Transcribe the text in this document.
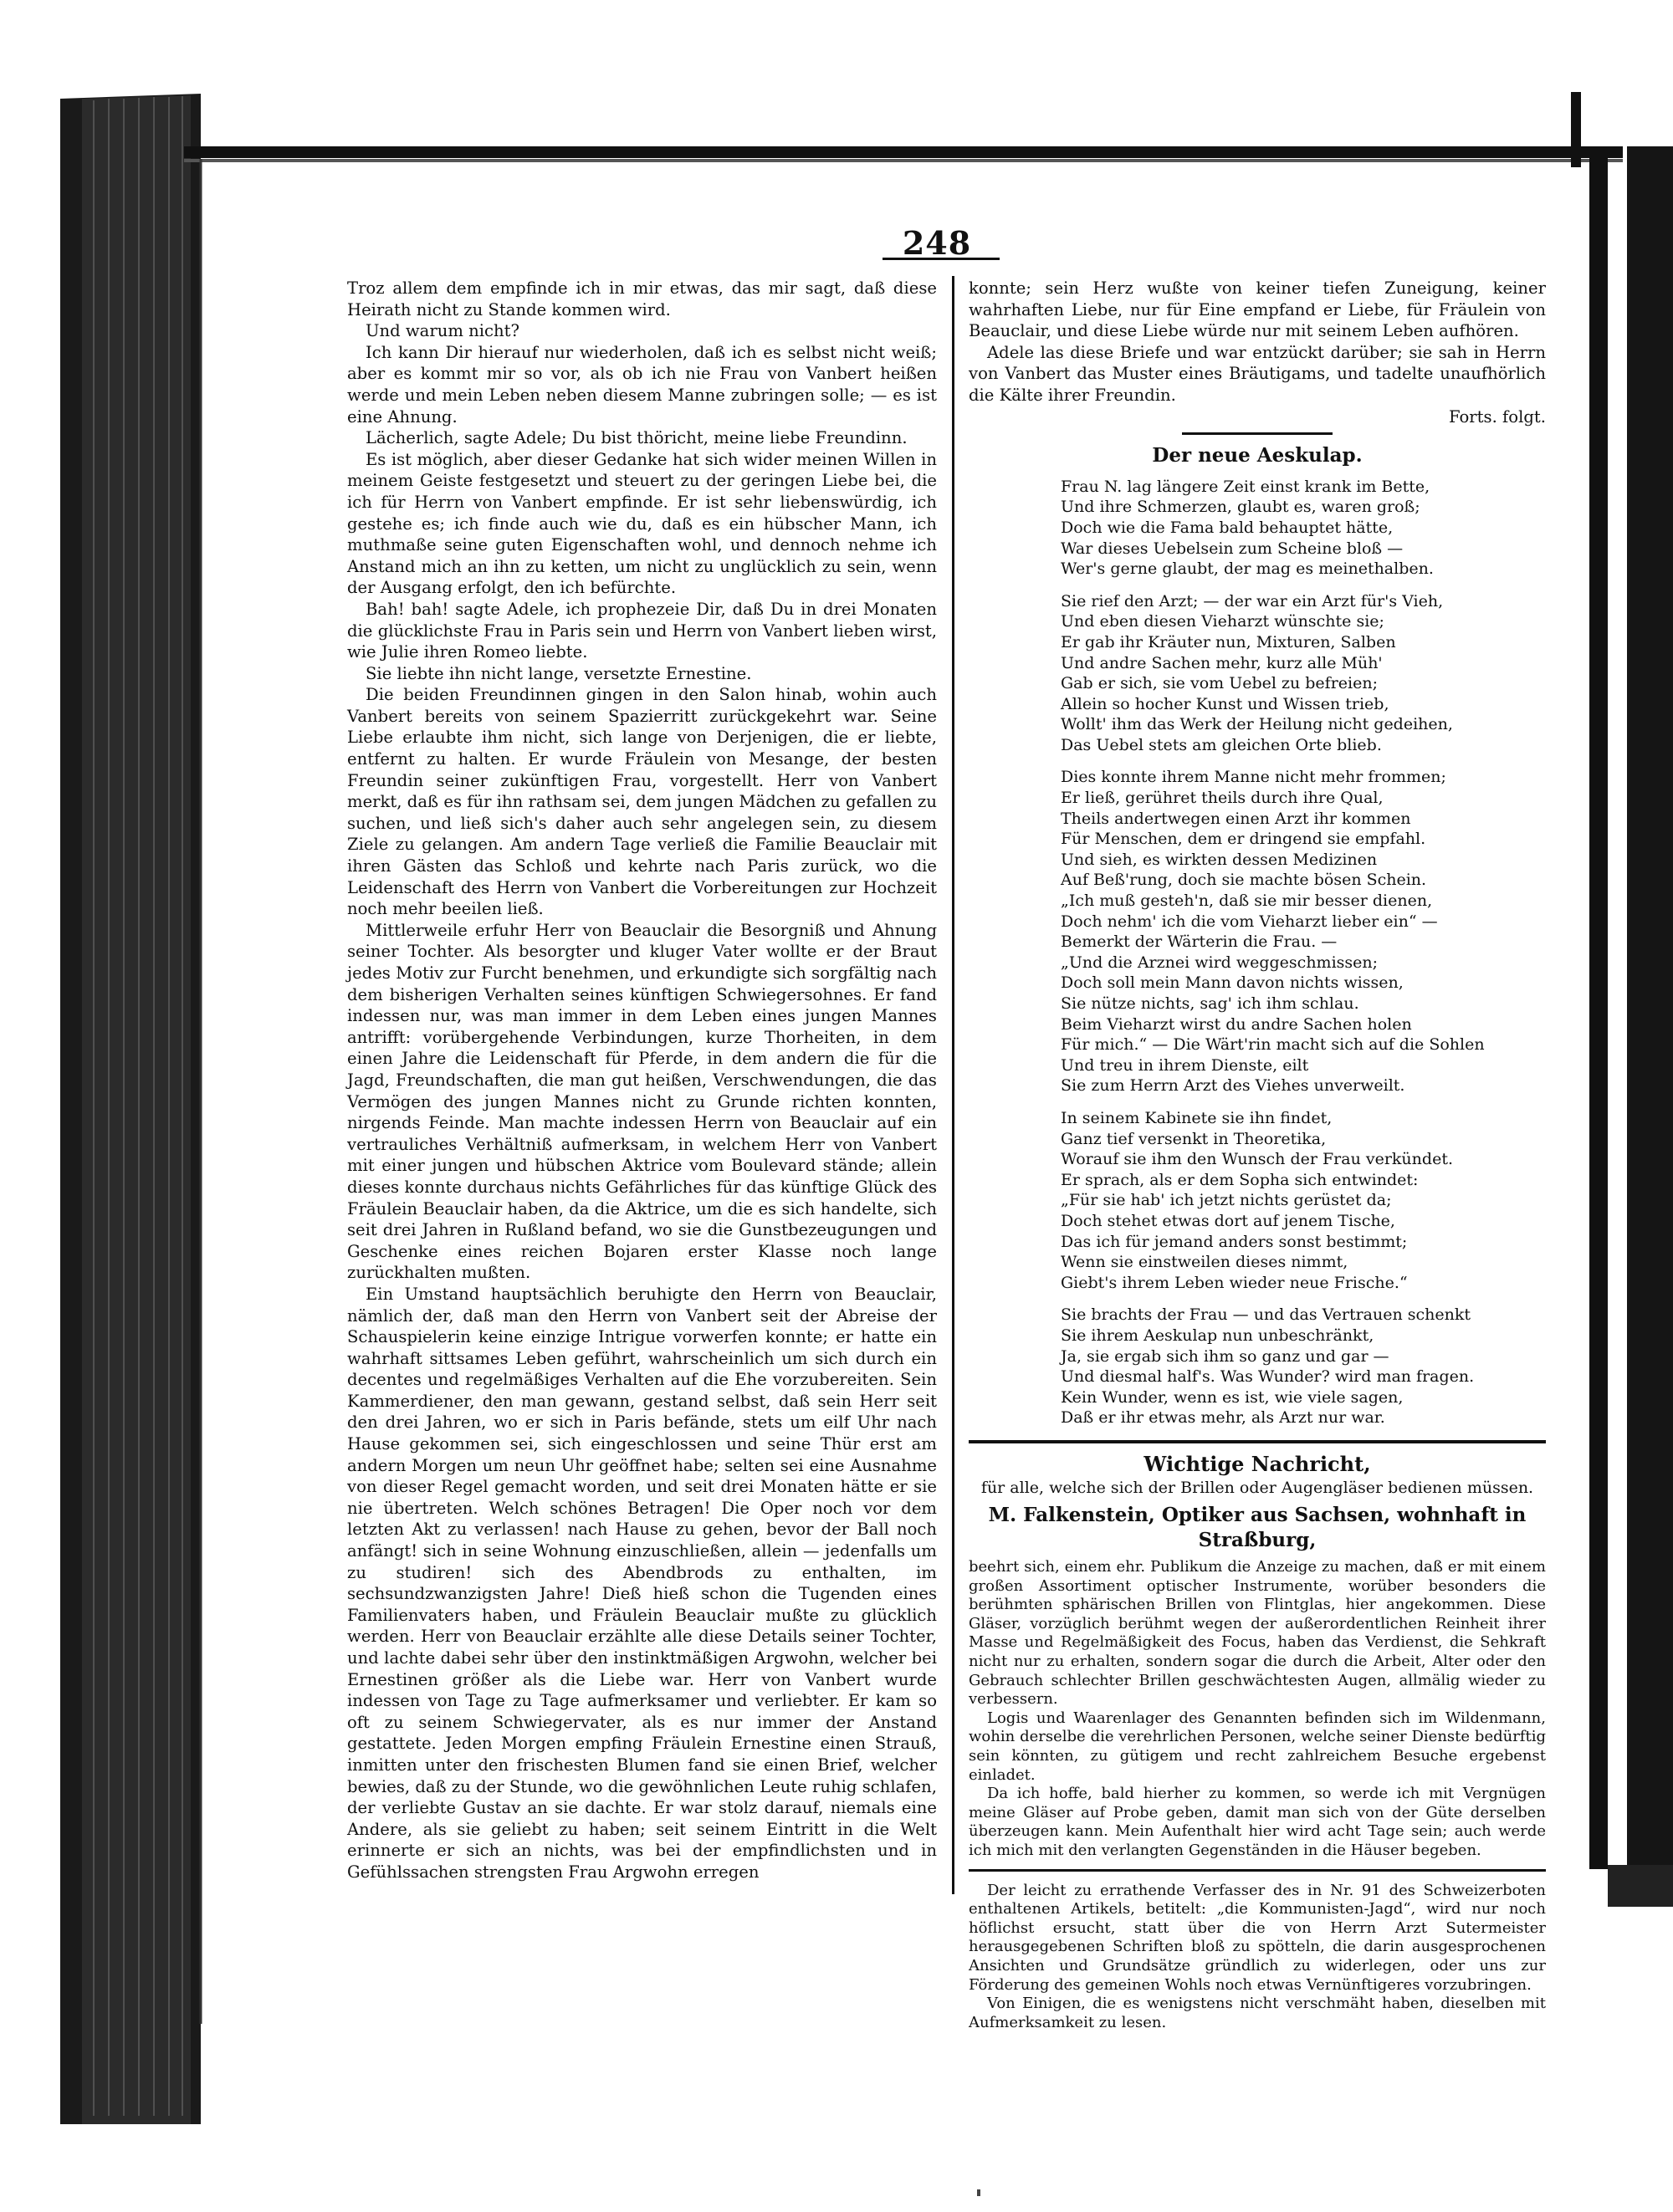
248

Troz allem dem empfinde ich in mir etwas, das mir sagt, daß diese Heirath nicht zu Stande kommen wird.

Und warum nicht?

Ich kann Dir hierauf nur wiederholen, daß ich es selbst nicht weiß; aber es kommt mir so vor, als ob ich nie Frau von Vanbert heißen werde und mein Leben neben diesem Manne zubringen solle; — es ist eine Ahnung.

Lächerlich, sagte Adele; Du bist thöricht, meine liebe Freundinn.

Es ist möglich, aber dieser Gedanke hat sich wider meinen Willen in meinem Geiste festgesetzt und steuert zu der geringen Liebe bei, die ich für Herrn von Vanbert empfinde. Er ist sehr liebenswürdig, ich gestehe es; ich finde auch wie du, daß es ein hübscher Mann, ich muthmaße seine guten Eigenschaften wohl, und dennoch nehme ich Anstand mich an ihn zu ketten, um nicht zu unglücklich zu sein, wenn der Ausgang erfolgt, den ich befürchte.

Bah! bah! sagte Adele, ich prophezeie Dir, daß Du in drei Monaten die glücklichste Frau in Paris sein und Herrn von Vanbert lieben wirst, wie Julie ihren Romeo liebte.

Sie liebte ihn nicht lange, versetzte Ernestine.

Die beiden Freundinnen gingen in den Salon hinab, wohin auch Vanbert bereits von seinem Spazierritt zurückgekehrt war. Seine Liebe erlaubte ihm nicht, sich lange von Derjenigen, die er liebte, entfernt zu halten. Er wurde Fräulein von Mesange, der besten Freundin seiner zukünftigen Frau, vorgestellt. Herr von Vanbert merkt, daß es für ihn rathsam sei, dem jungen Mädchen zu gefallen zu suchen, und ließ sich's daher auch sehr angelegen sein, zu diesem Ziele zu gelangen. Am andern Tage verließ die Familie Beauclair mit ihren Gästen das Schloß und kehrte nach Paris zurück, wo die Leidenschaft des Herrn von Vanbert die Vorbereitungen zur Hochzeit noch mehr beeilen ließ.

Mittlerweile erfuhr Herr von Beauclair die Besorgniß und Ahnung seiner Tochter. Als besorgter und kluger Vater wollte er der Braut jedes Motiv zur Furcht benehmen, und erkundigte sich sorgfältig nach dem bisherigen Verhalten seines künftigen Schwiegersohnes. Er fand indessen nur, was man immer in dem Leben eines jungen Mannes antrifft: vorübergehende Verbindungen, kurze Thorheiten, in dem einen Jahre die Leidenschaft für Pferde, in dem andern die für die Jagd, Freundschaften, die man gut heißen, Verschwendungen, die das Vermögen des jungen Mannes nicht zu Grunde richten konnten, nirgends Feinde. Man machte indessen Herrn von Beauclair auf ein vertrauliches Verhältniß aufmerksam, in welchem Herr von Vanbert mit einer jungen und hübschen Aktrice vom Boulevard stände; allein dieses konnte durchaus nichts Gefährliches für das künftige Glück des Fräulein Beauclair haben, da die Aktrice, um die es sich handelte, sich seit drei Jahren in Rußland befand, wo sie die Gunstbezeugungen und Geschenke eines reichen Bojaren erster Klasse noch lange zurückhalten mußten.

Ein Umstand hauptsächlich beruhigte den Herrn von Beauclair, nämlich der, daß man den Herrn von Vanbert seit der Abreise der Schauspielerin keine einzige Intrigue vorwerfen konnte; er hatte ein wahrhaft sittsames Leben geführt, wahrscheinlich um sich durch ein decentes und regelmäßiges Verhalten auf die Ehe vorzubereiten. Sein Kammerdiener, den man gewann, gestand selbst, daß sein Herr seit den drei Jahren, wo er sich in Paris befände, stets um eilf Uhr nach Hause gekommen sei, sich eingeschlossen und seine Thür erst am andern Morgen um neun Uhr geöffnet habe; selten sei eine Ausnahme von dieser Regel gemacht worden, und seit drei Monaten hätte er sie nie übertreten. Welch schönes Betragen! Die Oper noch vor dem letzten Akt zu verlassen! nach Hause zu gehen, bevor der Ball noch anfängt! sich in seine Wohnung einzuschließen, allein — jedenfalls um zu studiren! sich des Abendbrods zu enthalten, im sechsundzwanzigsten Jahre! Dieß hieß schon die Tugenden eines Familienvaters haben, und Fräulein Beauclair mußte zu glücklich werden. Herr von Beauclair erzählte alle diese Details seiner Tochter, und lachte dabei sehr über den instinktmäßigen Argwohn, welcher bei Ernestinen größer als die Liebe war. Herr von Vanbert wurde indessen von Tage zu Tage aufmerksamer und verliebter. Er kam so oft zu seinem Schwiegervater, als es nur immer der Anstand gestattete. Jeden Morgen empfing Fräulein Ernestine einen Strauß, inmitten unter den frischesten Blumen fand sie einen Brief, welcher bewies, daß zu der Stunde, wo die gewöhnlichen Leute ruhig schlafen, der verliebte Gustav an sie dachte. Er war stolz darauf, niemals eine Andere, als sie geliebt zu haben; seit seinem Eintritt in die Welt erinnerte er sich an nichts, was bei der empfindlichsten und in Gefühlssachen strengsten Frau Argwohn erregen

konnte; sein Herz wußte von keiner tiefen Zuneigung, keiner wahrhaften Liebe, nur für Eine empfand er Liebe, für Fräulein von Beauclair, und diese Liebe würde nur mit seinem Leben aufhören.

Adele las diese Briefe und war entzückt darüber; sie sah in Herrn von Vanbert das Muster eines Bräutigams, und tadelte unaufhörlich die Kälte ihrer Freundin.

Forts. folgt.
Der neue Aeskulap.
Frau N. lag längere Zeit einst krank im Bette,
Und ihre Schmerzen, glaubt es, waren groß;
Doch wie die Fama bald behauptet hätte,
War dieses Uebelsein zum Scheine bloß —
Wer's gerne glaubt, der mag es meinethalben.
Sie rief den Arzt; — der war ein Arzt für's Vieh,
Und eben diesen Vieharzt wünschte sie;
Er gab ihr Kräuter nun, Mixturen, Salben
Und andre Sachen mehr, kurz alle Müh'
Gab er sich, sie vom Uebel zu befreien;
Allein so hocher Kunst und Wissen trieb,
Wollt' ihm das Werk der Heilung nicht gedeihen,
Das Uebel stets am gleichen Orte blieb.
Dies konnte ihrem Manne nicht mehr frommen;
Er ließ, gerühret theils durch ihre Qual,
Theils andertwegen einen Arzt ihr kommen
Für Menschen, dem er dringend sie empfahl.
Und sieh, es wirkten dessen Medizinen
Auf Beß'rung, doch sie machte bösen Schein.
„Ich muß gesteh'n, daß sie mir besser dienen,
Doch nehm' ich die vom Vieharzt lieber ein“ —
Bemerkt der Wärterin die Frau. —
„Und die Arznei wird weggeschmissen;
Doch soll mein Mann davon nichts wissen,
Sie nütze nichts, sag' ich ihm schlau.
Beim Vieharzt wirst du andre Sachen holen
Für mich.“ — Die Wärt'rin macht sich auf die Sohlen
Und treu in ihrem Dienste, eilt
Sie zum Herrn Arzt des Viehes unverweilt.
In seinem Kabinete sie ihn findet,
Ganz tief versenkt in Theoretika,
Worauf sie ihm den Wunsch der Frau verkündet.
Er sprach, als er dem Sopha sich entwindet:
„Für sie hab' ich jetzt nichts gerüstet da;
Doch stehet etwas dort auf jenem Tische,
Das ich für jemand anders sonst bestimmt;
Wenn sie einstweilen dieses nimmt,
Giebt's ihrem Leben wieder neue Frische.“
Sie brachts der Frau — und das Vertrauen schenkt
Sie ihrem Aeskulap nun unbeschränkt,
Ja, sie ergab sich ihm so ganz und gar —
Und diesmal half's. Was Wunder? wird man fragen.
Kein Wunder, wenn es ist, wie viele sagen,
Daß er ihr etwas mehr, als Arzt nur war.
Wichtige Nachricht,
für alle, welche sich der Brillen oder Augengläser bedienen müssen.
M. Falkenstein, Optiker aus Sachsen, wohnhaft in Straßburg,

beehrt sich, einem ehr. Publikum die Anzeige zu machen, daß er mit einem großen Assortiment optischer Instrumente, worüber besonders die berühmten sphärischen Brillen von Flintglas, hier angekommen. Diese Gläser, vorzüglich berühmt wegen der außerordentlichen Reinheit ihrer Masse und Regelmäßigkeit des Focus, haben das Verdienst, die Sehkraft nicht nur zu erhalten, sondern sogar die durch die Arbeit, Alter oder den Gebrauch schlechter Brillen geschwächtesten Augen, allmälig wieder zu verbessern.

Logis und Waarenlager des Genannten befinden sich im Wildenmann, wohin derselbe die verehrlichen Personen, welche seiner Dienste bedürftig sein könnten, zu gütigem und recht zahlreichem Besuche ergebenst einladet.

Da ich hoffe, bald hierher zu kommen, so werde ich mit Vergnügen meine Gläser auf Probe geben, damit man sich von der Güte derselben überzeugen kann. Mein Aufenthalt hier wird acht Tage sein; auch werde ich mich mit den verlangten Gegenständen in die Häuser begeben.

Der leicht zu errathende Verfasser des in Nr. 91 des Schweizerboten enthaltenen Artikels, betitelt: „die Kommunisten-Jagd“, wird nur noch höflichst ersucht, statt über die von Herrn Arzt Sutermeister herausgegebenen Schriften bloß zu spötteln, die darin ausgesprochenen Ansichten und Grundsätze gründlich zu widerlegen, oder uns zur Förderung des gemeinen Wohls noch etwas Vernünftigeres vorzubringen.

Von Einigen, die es wenigstens nicht verschmäht haben, dieselben mit Aufmerksamkeit zu lesen.
